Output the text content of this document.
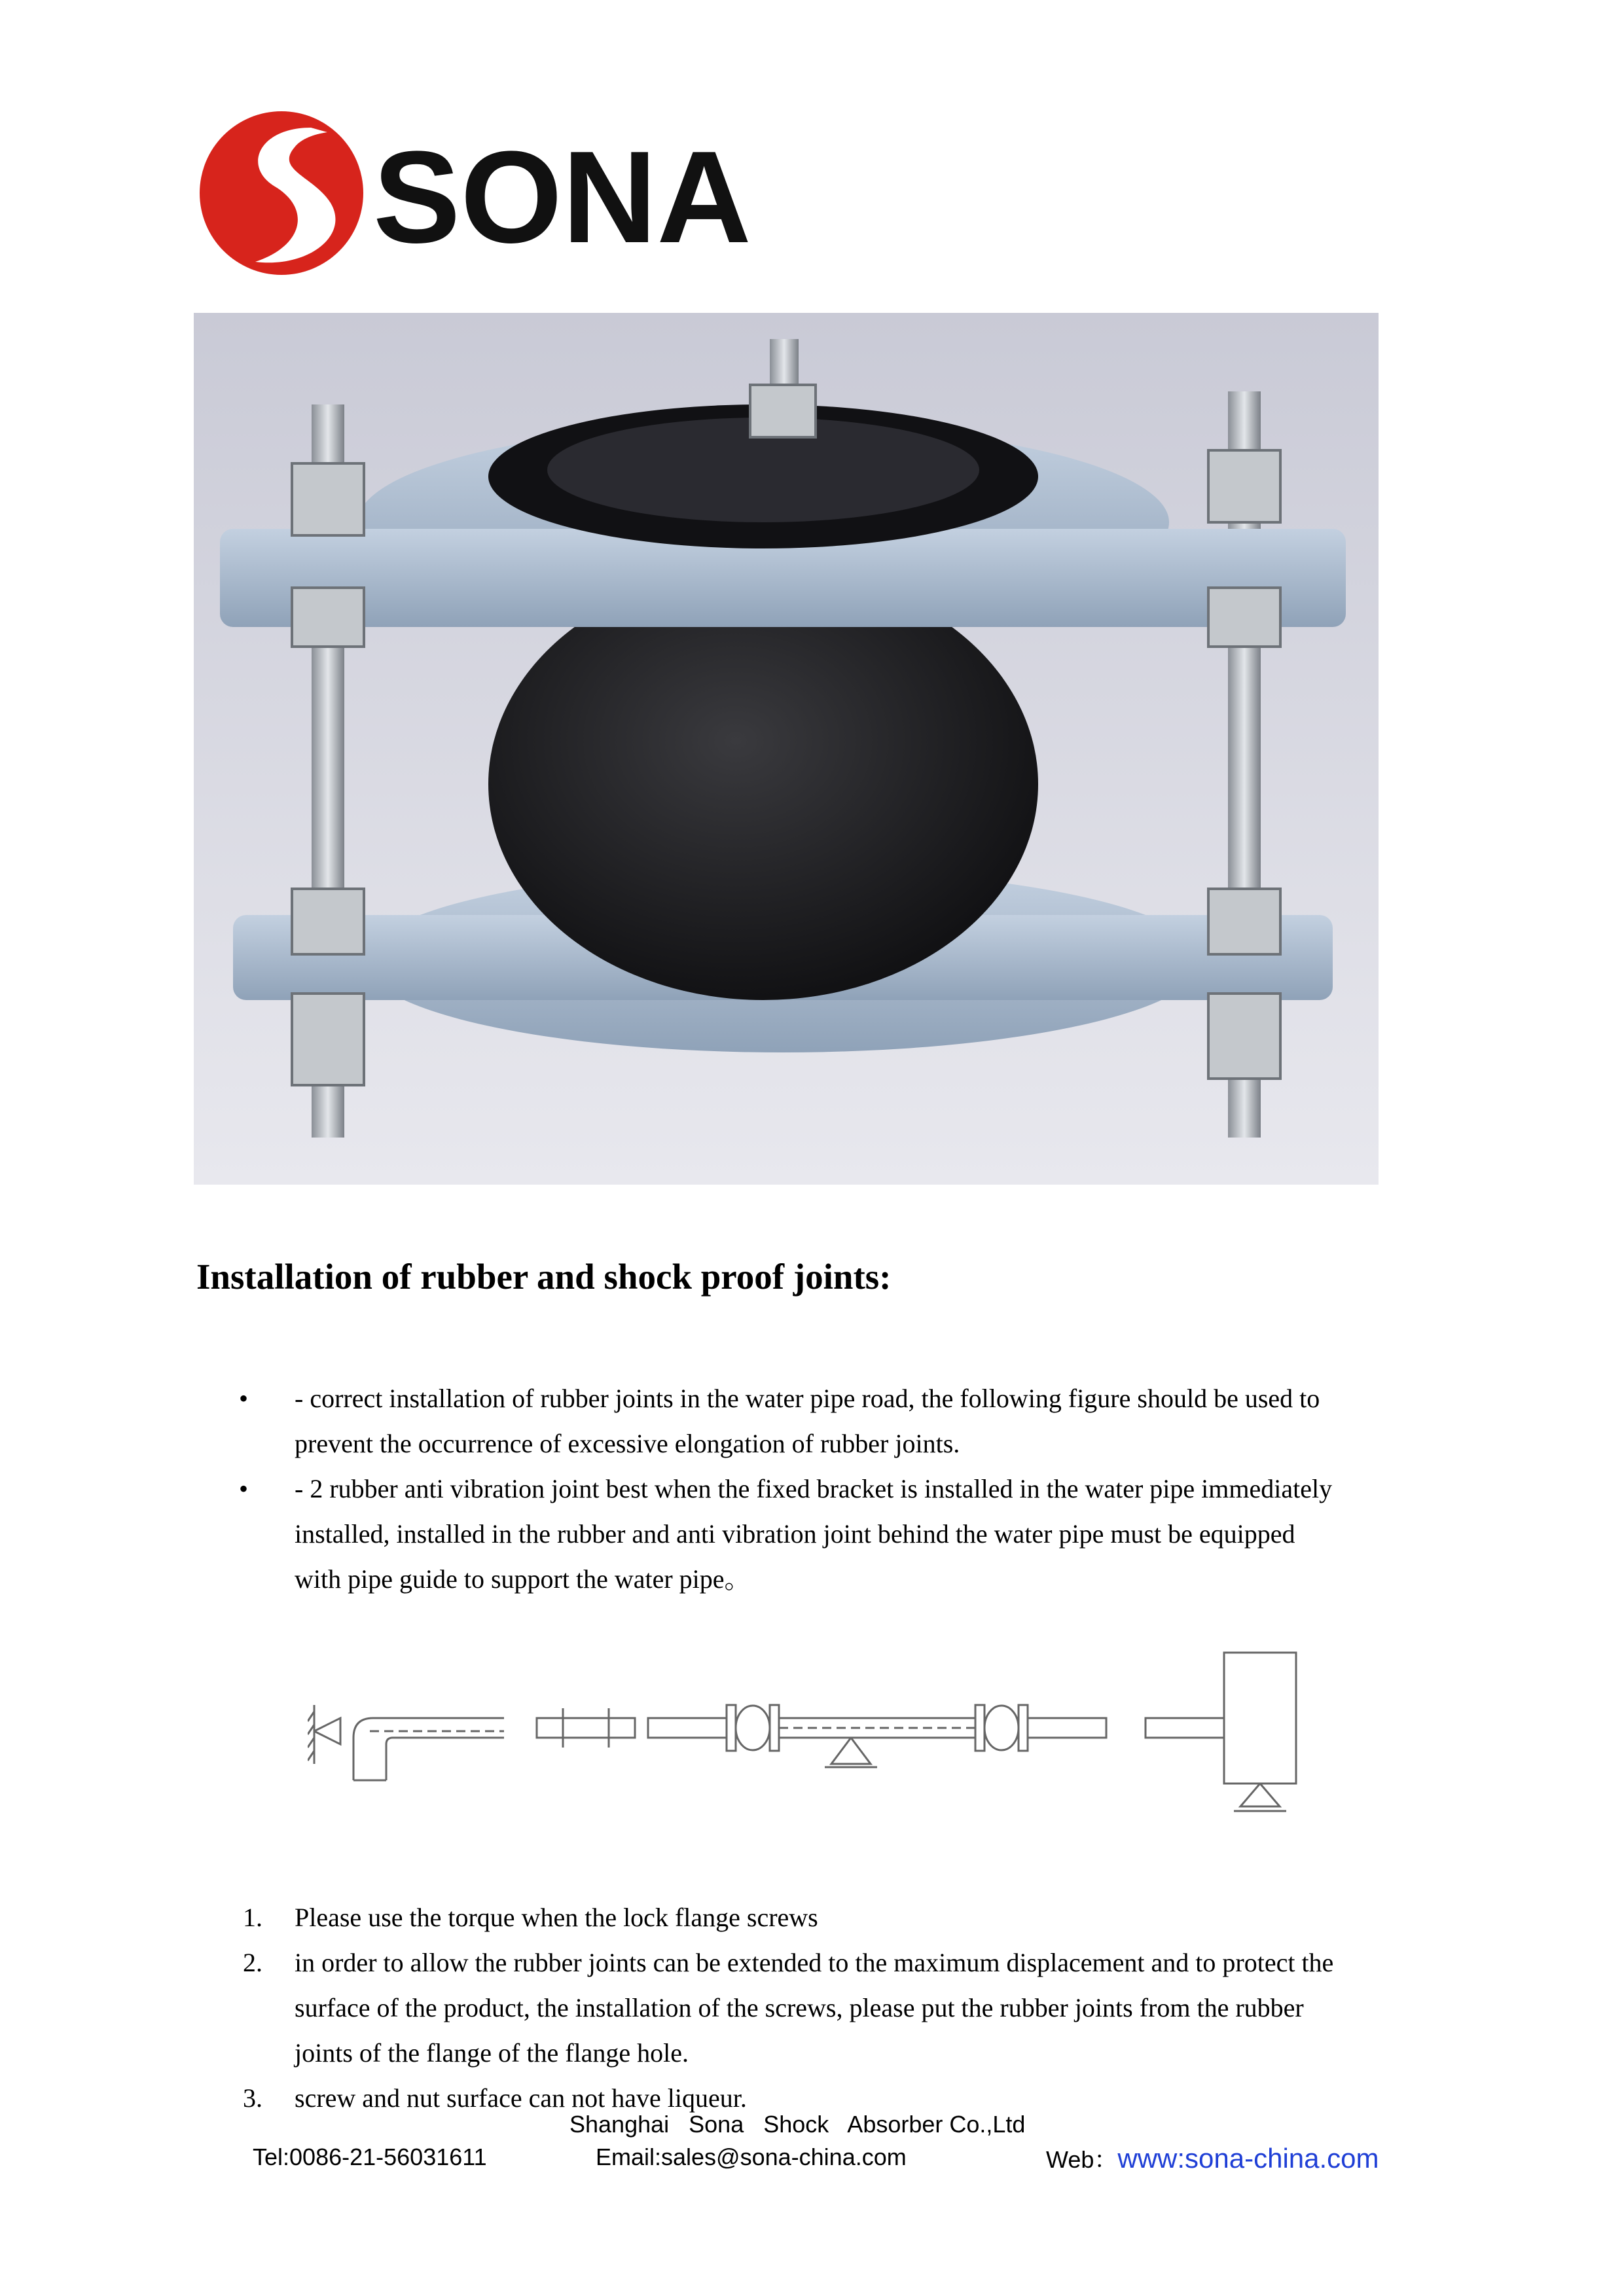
SONA
Installation of rubber and shock proof joints:
• - correct installation of rubber joints in the water pipe road, the following figure should be used to
prevent the occurrence of excessive elongation of rubber joints.
• - 2 rubber anti vibration joint best when the fixed bracket is installed in the water pipe immediately
installed, installed in the rubber and anti vibration joint behind the water pipe must be equipped
with pipe guide to support the water pipe。
1. Please use the torque when the lock flange screws
2. in order to allow the rubber joints can be extended to the maximum displacement and to protect the
surface of the product, the installation of the screws, please put the rubber joints from the rubber
joints of the flange of the flange hole.
3. screw and nut surface can not have liqueur.
Shanghai   Sona   Shock   Absorber Co.,Ltd
Tel:0086-21-56031611	Email:sales@sona-china.com	Web：www:sona-china.com
